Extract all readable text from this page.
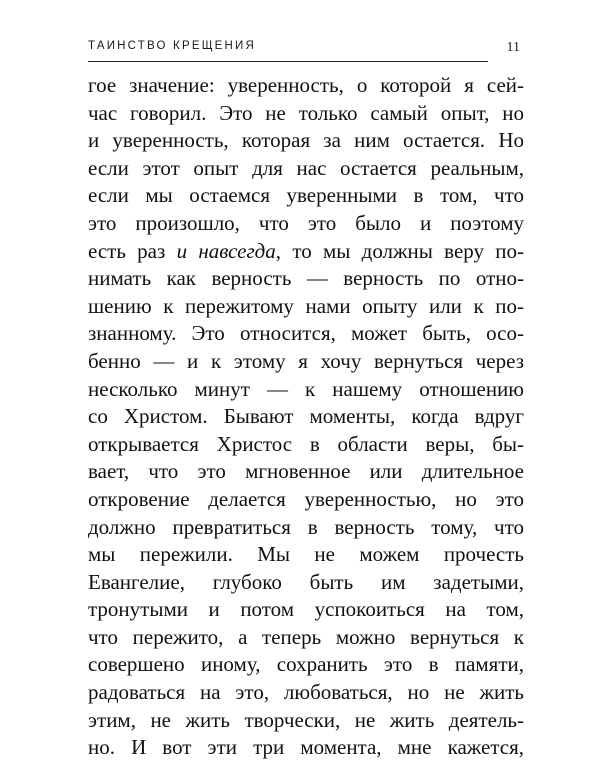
ТАИНСТВО КРЕЩЕНИЯ	11
гое значение: уверенность, о которой я сей-
час говорил. Это не только самый опыт, но
и уверенность, которая за ним остается. Но
если этот опыт для нас остается реальным,
если мы остаемся уверенными в том, что
это произошло, что это было и поэтому
есть раз и навсегда, то мы должны веру по-
нимать как верность — верность по отно-
шению к пережитому нами опыту или к по-
знанному. Это относится, может быть, осо-
бенно — и к этому я хочу вернуться через
несколько минут — к нашему отношению
со Христом. Бывают моменты, когда вдруг
открывается Христос в области веры, бы-
вает, что это мгновенное или длительное
откровение делается уверенностью, но это
должно превратиться в верность тому, что
мы пережили. Мы не можем прочесть
Евангелие, глубоко быть им задетыми,
тронутыми и потом успокоиться на том,
что пережито, а теперь можно вернуться к
совершено иному, сохранить это в памяти,
радоваться на это, любоваться, но не жить
этим, не жить творчески, не жить деятель-
но. И вот эти три момента, мне кажется,
